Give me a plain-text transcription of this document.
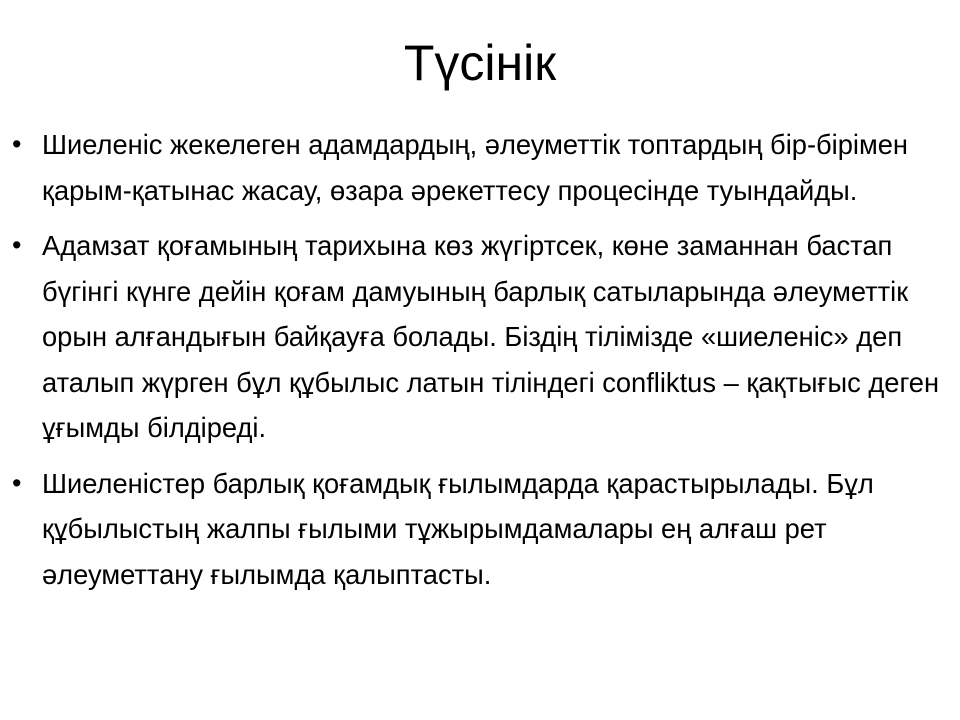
Түсінік
• Шиеленіс жекелеген адамдардың, әлеуметтік топтардың бір-бірімен қарым-қатынас жасау, өзара әрекеттесу процесінде туындайды.
• Адамзат қоғамының тарихына көз жүгіртсек, көне заманнан бастап бүгінгі күнге дейін қоғам дамуының барлық сатыларында әлеуметтік орын алғандығын байқауға болады. Біздің тілімізде «шиеленіс» деп аталып жүрген бұл құбылыс латын тіліндегі confliktus – қақтығыс деген ұғымды білдіреді.
• Шиеленістер барлық қоғамдық ғылымдарда қарастырылады. Бұл құбылыстың жалпы ғылыми тұжырымдамалары ең алғаш рет әлеуметтану ғылымда қалыптасты.
